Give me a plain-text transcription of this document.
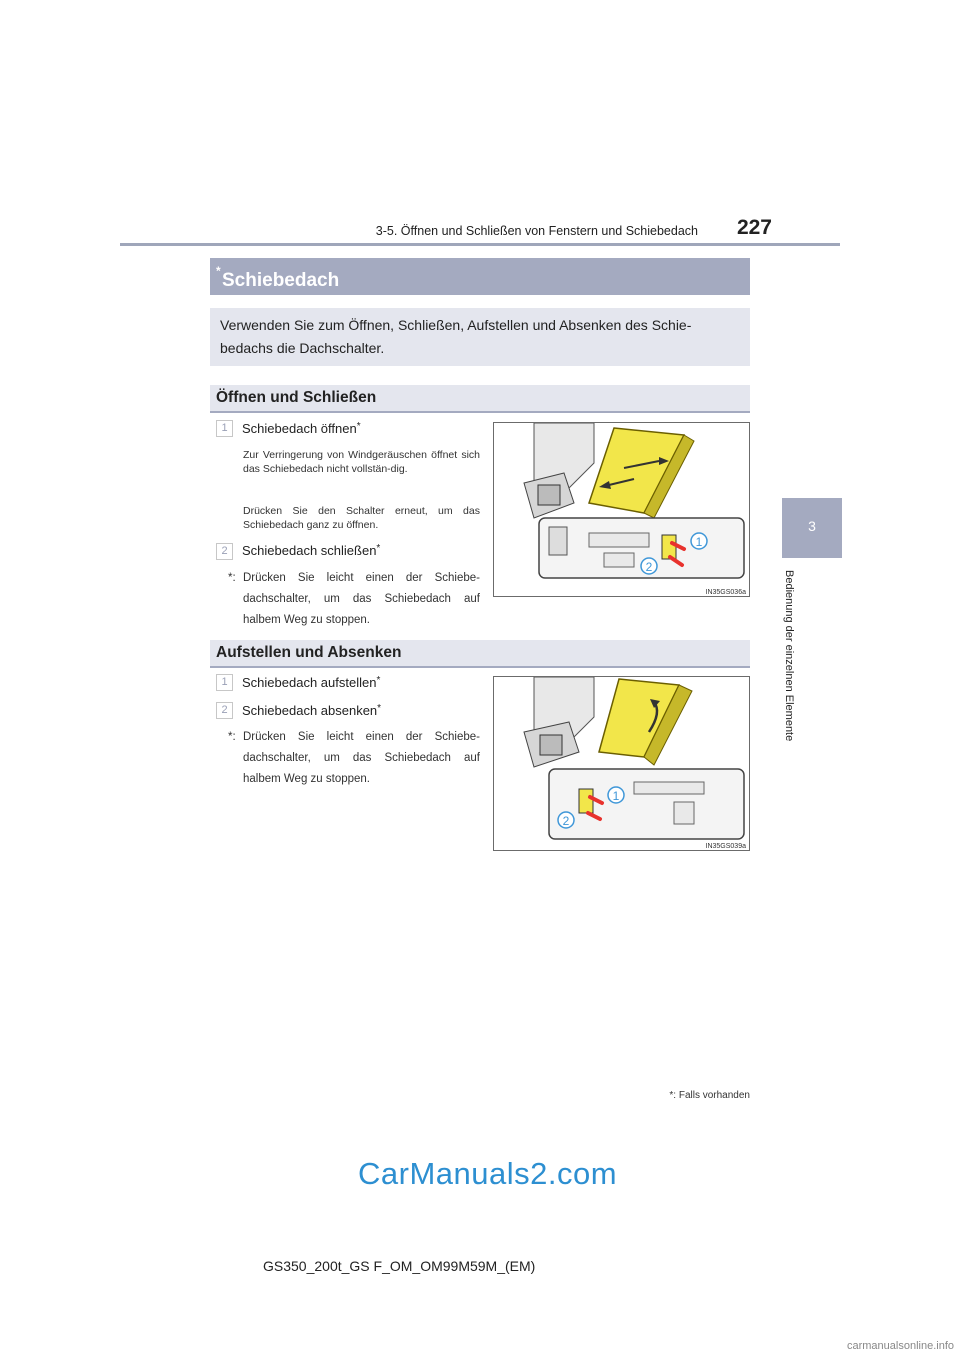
3-5. Öffnen und Schließen von Fenstern und Schiebedach 227
3
Bedienung der einzelnen Elemente
Schiebedach
*
Verwenden Sie zum Öffnen, Schließen, Aufstellen und Absenken des Schie-bedachs die Dachschalter.
Öffnen und Schließen
1	Schiebedach öffnen*
Zur Verringerung von Windgeräuschen öffnet sich das Schiebedach nicht vollstän-dig.
Drücken Sie den Schalter erneut, um das Schiebedach ganz zu öffnen.
2	Schiebedach schließen*
*: Drücken Sie leicht einen der Schiebe-dachschalter, um das Schiebedach auf halbem Weg zu stoppen.
1
2
IN35GS036a
Aufstellen und Absenken
1	Schiebedach aufstellen*
2	Schiebedach absenken*
*: Drücken Sie leicht einen der Schiebe-dachschalter, um das Schiebedach auf halbem Weg zu stoppen.
1
2
IN35GS039a
*: Falls vorhanden
CarManuals2.com
GS350_200t_GS F_OM_OM99M59M_(EM)
carmanualsonline.info
